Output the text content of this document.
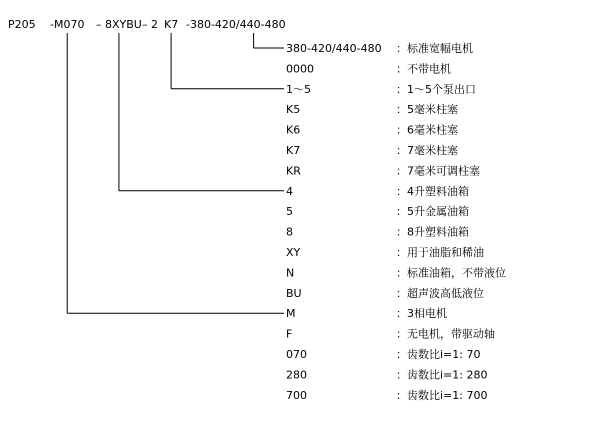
P205 -M070 – 8XYBU – 2 K7 -380-420/440-480
380-420/440-480 ：标准宽幅电机
0000	：不带电机
1～5	：1～5个泵出口
K5	：5毫米柱塞
K6	：6毫米柱塞
K7	：7毫米柱塞
KR	：7毫米可调柱塞
4	：4升塑料油箱
5	：5升金属油箱
8	：8升塑料油箱
XY	：用于油脂和稀油
N	：标准油箱，不带液位
BU	：超声波高低液位
M	：3相电机
F	：无电机，带驱动轴
070	：齿数比i=1: 70
280	：齿数比i=1: 280
700	：齿数比i=1: 700
